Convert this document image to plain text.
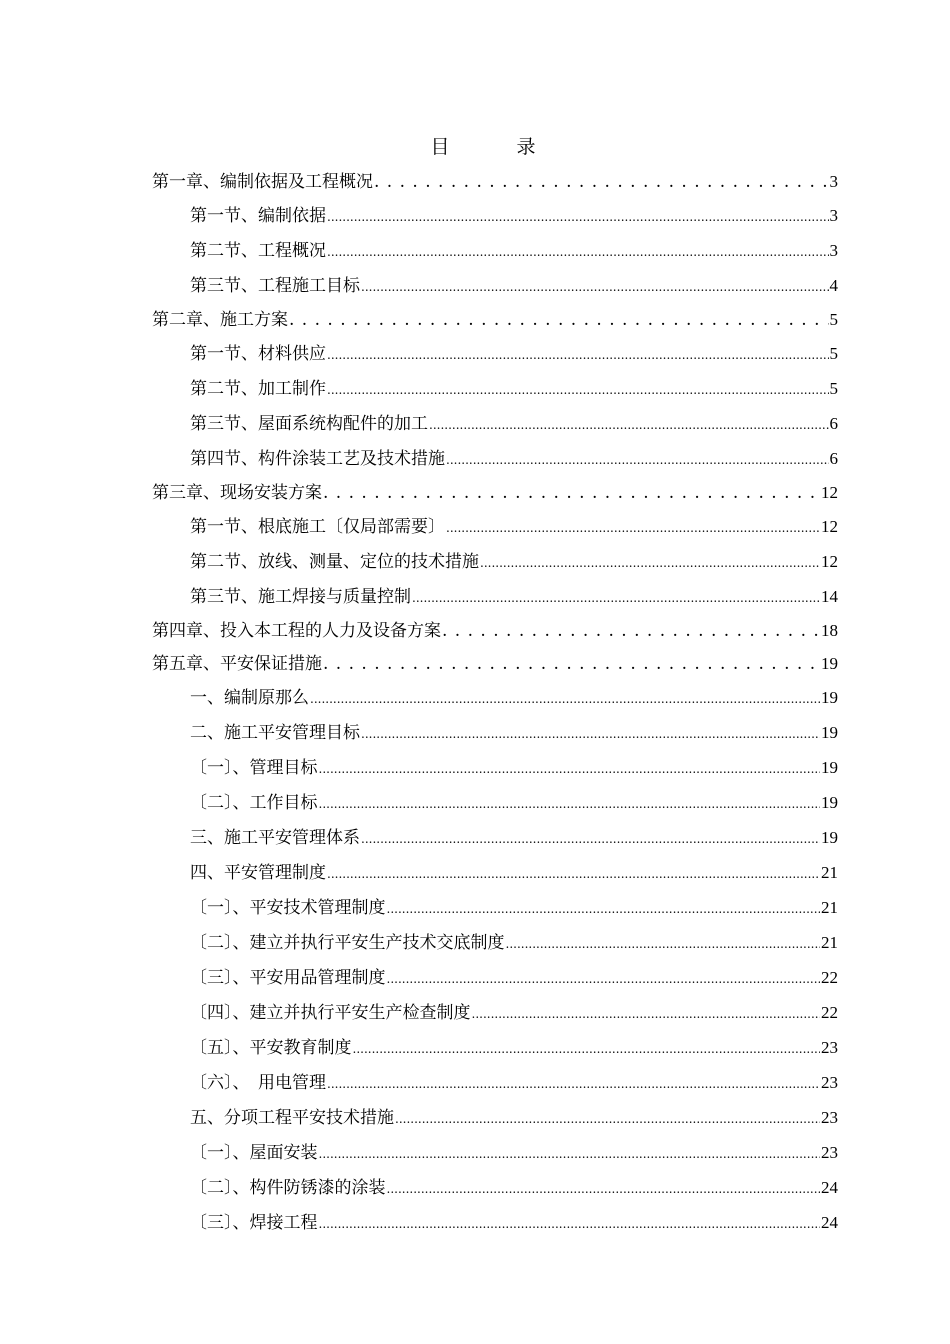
目　录
第一章、编制依据及工程概况 . . .	3
第一节、编制依据 .....	3
第二节、工程概况 .....	3
第三节、工程施工目标 .....	4
第二章、施工方案 . . .	5
第一节、材料供应 .....	5
第二节、加工制作 .....	5
第三节、屋面系统构配件的加工 .....	6
第四节、构件涂装工艺及技术措施 .....	6
第三章、现场安装方案 . . .	12
第一节、根底施工〔仅局部需要〕 .....	12
第二节、放线、测量、定位的技术措施 .....	12
第三节、施工焊接与质量控制 .....	14
第四章、投入本工程的人力及设备方案 . . .	18
第五章、平安保证措施 . . .	19
一、编制原那么 .....	19
二、施工平安管理目标 .....	19
〔一〕、管理目标 .....	19
〔二〕、工作目标 .....	19
三、施工平安管理体系 .....	19
四、平安管理制度 .....	21
〔一〕、平安技术管理制度 .....	21
〔二〕、建立并执行平安生产技术交底制度 .....	21
〔三〕、平安用品管理制度 .....	22
〔四〕、建立并执行平安生产检查制度 .....	22
〔五〕、平安教育制度 .....	23
〔六〕、　用电管理 .....	23
五、分项工程平安技术措施 .....	23
〔一〕、屋面安装 .....	23
〔二〕、构件防锈漆的涂装 .....	24
〔三〕、焊接工程 .....	24
